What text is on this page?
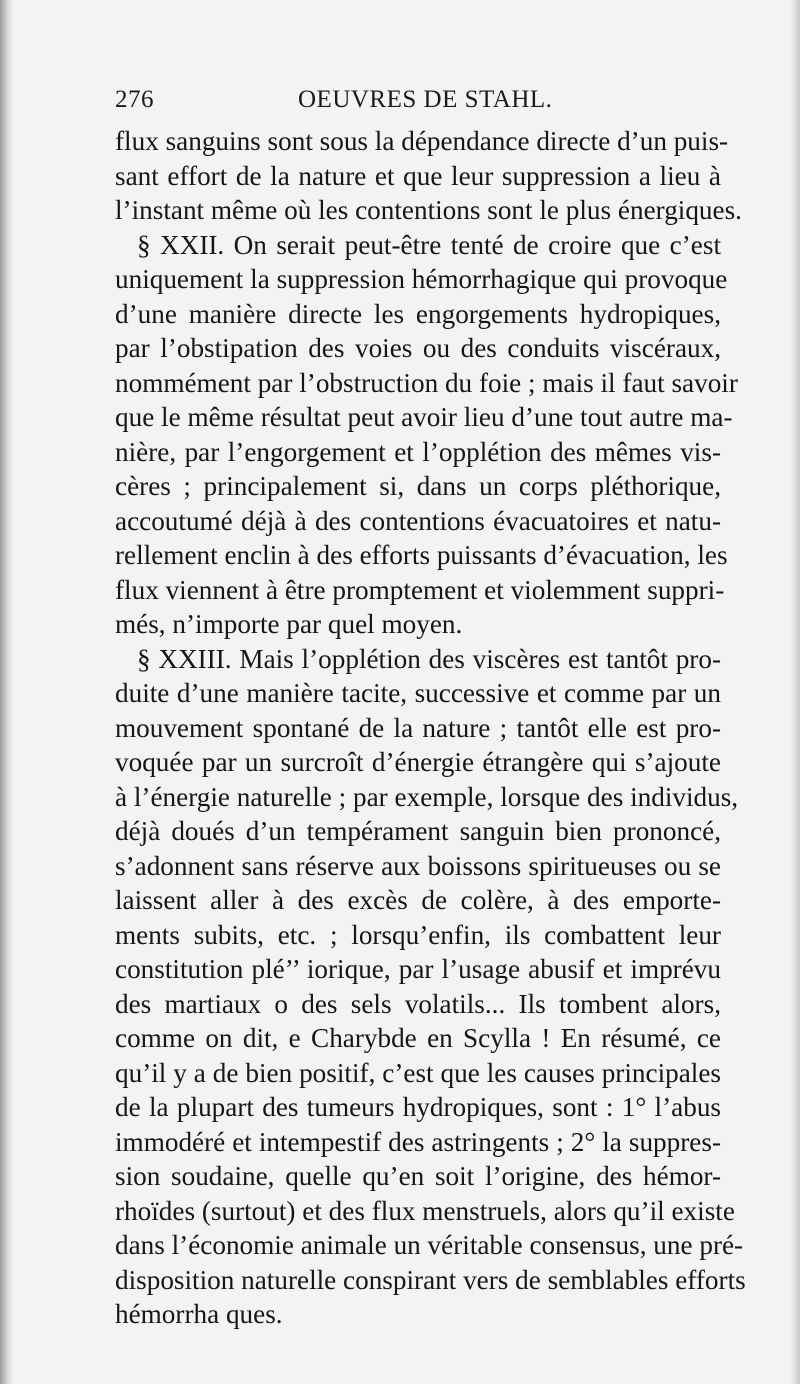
276	OEUVRES DE STAHL.
flux sanguins sont sous la dépendance directe d’un puis-
sant effort de la nature et que leur suppression a lieu à
l’instant même où les contentions sont le plus énergiques.
§ XXII. On serait peut-être tenté de croire que c’est
uniquement la suppression hémorrhagique qui provoque
d’une manière directe les engorgements hydropiques,
par l’obstipation des voies ou des conduits viscéraux,
nommément par l’obstruction du foie ; mais il faut savoir
que le même résultat peut avoir lieu d’une tout autre ma-
nière, par l’engorgement et l’opplétion des mêmes vis-
cères ; principalement si, dans un corps pléthorique,
accoutumé déjà à des contentions évacuatoires et natu-
rellement enclin à des efforts puissants d’évacuation, les
flux viennent à être promptement et violemment suppri-
més, n’importe par quel moyen.
§ XXIII. Mais l’opplétion des viscères est tantôt pro-
duite d’une manière tacite, successive et comme par un
mouvement spontané de la nature ; tantôt elle est pro-
voquée par un surcroît d’énergie étrangère qui s’ajoute
à l’énergie naturelle ; par exemple, lorsque des individus,
déjà doués d’un tempérament sanguin bien prononcé,
s’adonnent sans réserve aux boissons spiritueuses ou se
laissent aller à des excès de colère, à des emporte-
ments subits, etc. ; lorsqu’enfin, ils combattent leur
constitution plé’’ iorique, par l’usage abusif et imprévu
des martiaux o des sels volatils... Ils tombent alors,
comme on dit, e Charybde en Scylla ! En résumé, ce
qu’il y a de bien positif, c’est que les causes principales
de la plupart des tumeurs hydropiques, sont : 1° l’abus
immodéré et intempestif des astringents ; 2° la suppres-
sion soudaine, quelle qu’en soit l’origine, des hémor-
rhoïdes (surtout) et des flux menstruels, alors qu’il existe
dans l’économie animale un véritable consensus, une pré-
disposition naturelle conspirant vers de semblables efforts
hémorrha ques.
